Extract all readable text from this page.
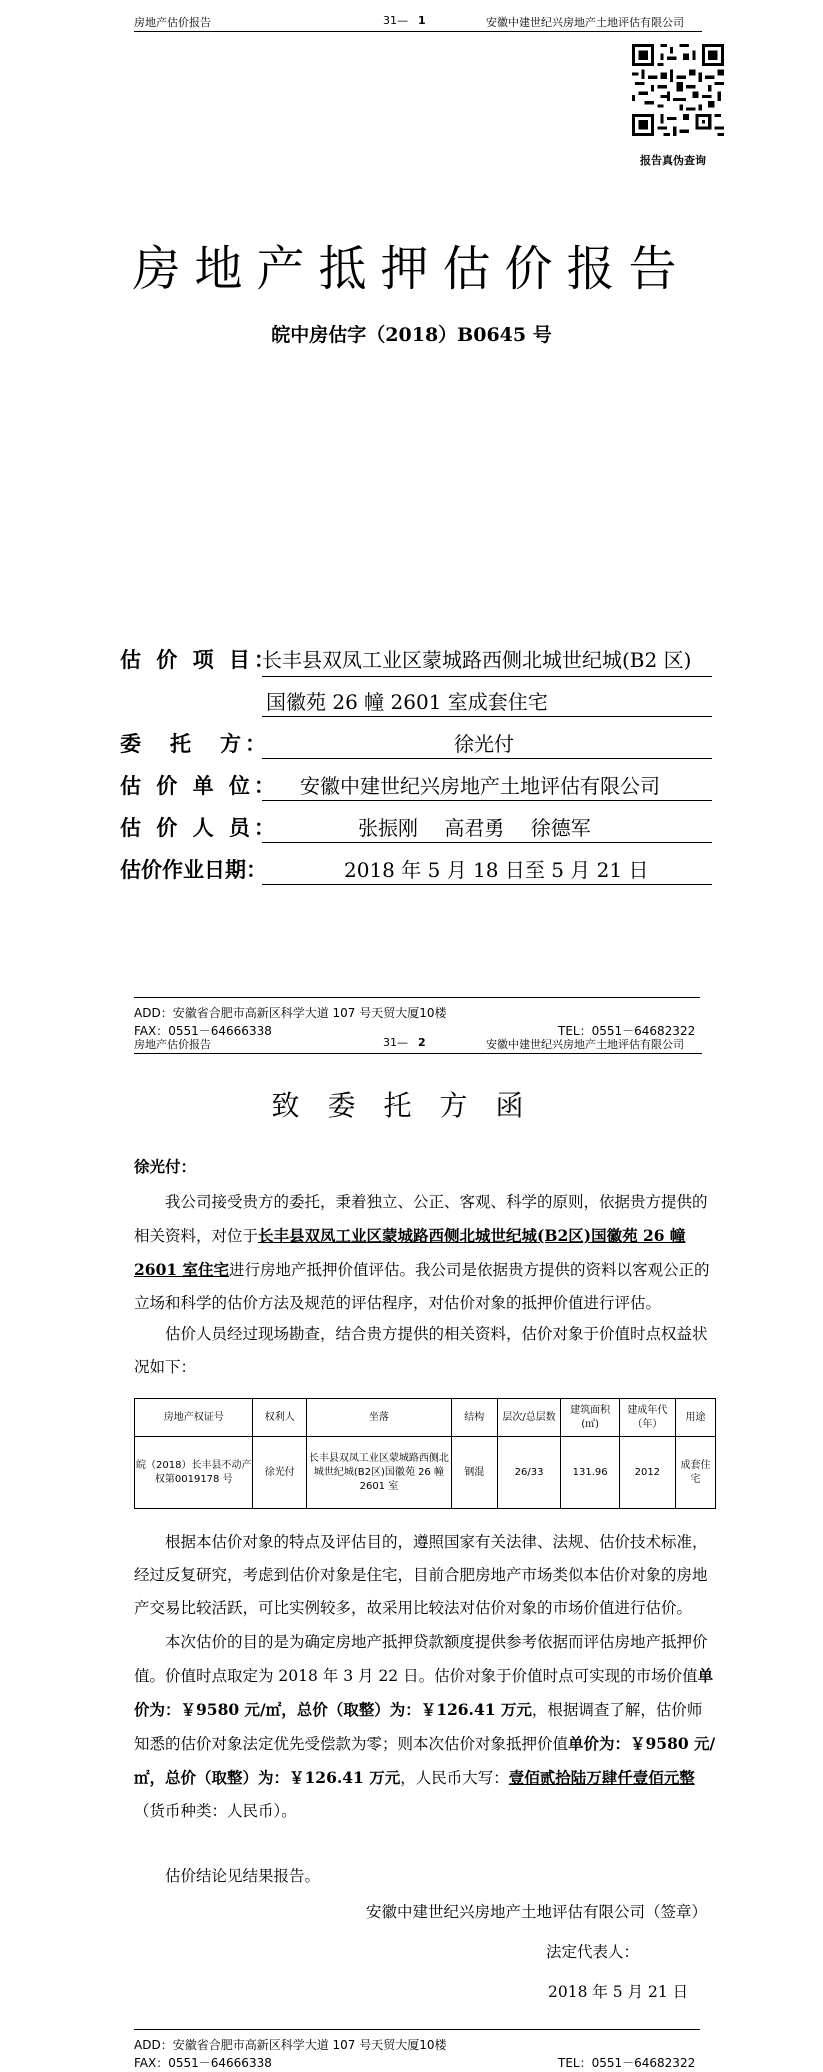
房地产估价报告	31— 1	安徽中建世纪兴房地产土地评估有限公司
报告真伪查询
房地产抵押估价报告
皖中房估字（2018）B0645 号
估 价 项 目：
长丰县双凤工业区蒙城路西侧北城世纪城(B2 区)
国徽苑 26 幢 2601 室成套住宅
委　托　方：	徐光付
估 价 单 位： 安徽中建世纪兴房地产土地评估有限公司
估 价 人 员：	张振刚　 高君勇　 徐德军
估价作业日期：	2018 年 5 月 18 日至 5 月 21 日
ADD：安徽省合肥市高新区科学大道 107 号天贸大厦10楼
FAX：0551－64666338	TEL：0551－64682322
房地产估价报告	31— 2	安徽中建世纪兴房地产土地评估有限公司
致委托方函
徐光付：
我公司接受贵方的委托，秉着独立、公正、客观、科学的原则，依据贵方提供的相关资料，对位于长丰县双凤工业区蒙城路西侧北城世纪城(B2区)国徽苑 26 幢 2601 室住宅进行房地产抵押价值评估。我公司是依据贵方提供的资料以客观公正的立场和科学的估价方法及规范的评估程序，对估价对象的抵押价值进行评估。
估价人员经过现场勘查，结合贵方提供的相关资料，估价对象于价值时点权益状况如下：
房地产权证号	权利人	坐落	结构	层次/总层数	建筑面积(㎡)	建成年代（年）	用途
皖（2018）长丰县不动产权第0019178 号	徐光付	长丰县双凤工业区蒙城路西侧北城世纪城(B2区)国徽苑 26 幢 2601 室	钢混	26/33	131.96	2012	成套住宅
根据本估价对象的特点及评估目的，遵照国家有关法律、法规、估价技术标准，经过反复研究，考虑到估价对象是住宅，目前合肥房地产市场类似本估价对象的房地产交易比较活跃，可比实例较多，故采用比较法对估价对象的市场价值进行估价。
本次估价的目的是为确定房地产抵押贷款额度提供参考依据而评估房地产抵押价值。价值时点取定为 2018 年 3 月 22 日。估价对象于价值时点可实现的市场价值单价为：￥9580 元/㎡，总价（取整）为：￥126.41 万元，根据调查了解，估价师知悉的估价对象法定优先受偿款为零；则本次估价对象抵押价值单价为：￥9580 元/㎡，总价（取整）为：￥126.41 万元，人民币大写：壹佰贰拾陆万肆仟壹佰元整（货币种类：人民币）。
估价结论见结果报告。
安徽中建世纪兴房地产土地评估有限公司（签章）
法定代表人：
2018 年 5 月 21 日
ADD：安徽省合肥市高新区科学大道 107 号天贸大厦10楼
FAX：0551－64666338	TEL：0551－64682322
